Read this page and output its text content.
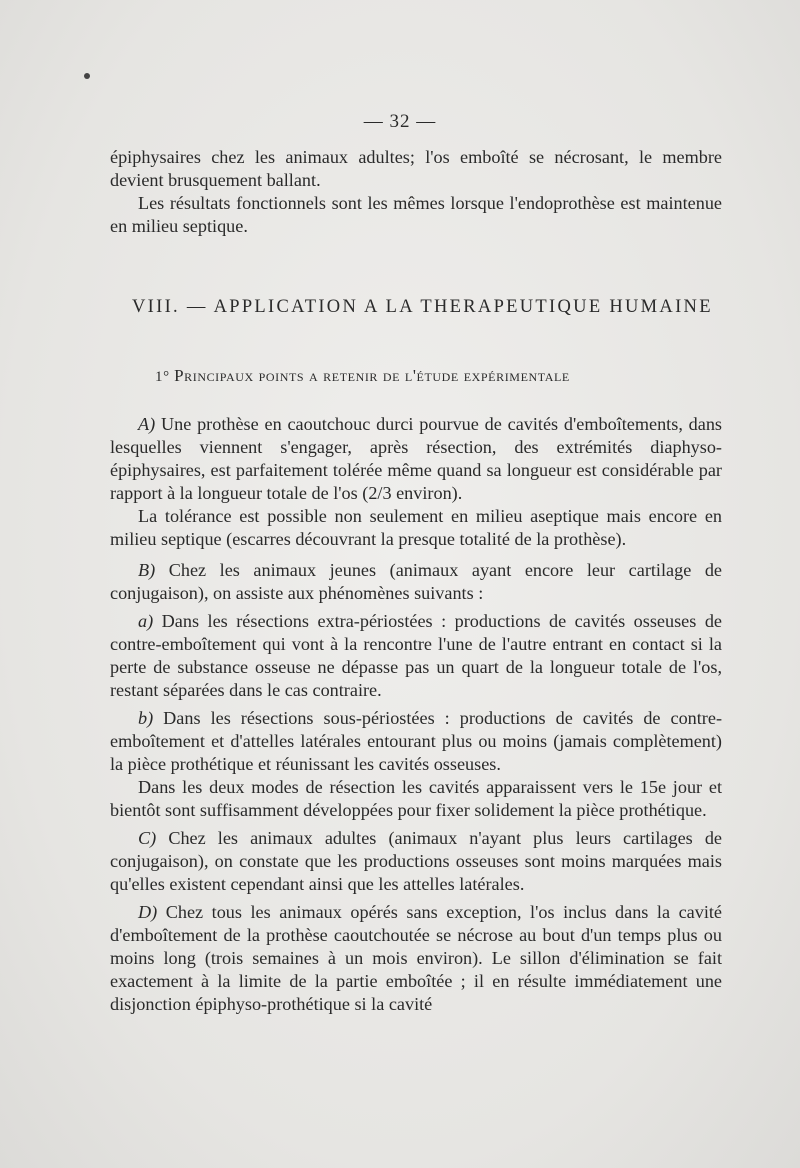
— 32 —

épiphysaires chez les animaux adultes; l'os emboîté se nécrosant, le membre devient brusquement ballant.

Les résultats fonctionnels sont les mêmes lorsque l'endoprothèse est maintenue en milieu septique.

VIII. — APPLICATION A LA THERAPEUTIQUE HUMAINE
1° Principaux points a retenir de l'étude expérimentale

A) Une prothèse en caoutchouc durci pourvue de cavités d'emboîtements, dans lesquelles viennent s'engager, après résection, des extrémités diaphyso-épiphysaires, est parfaitement tolérée même quand sa longueur est considérable par rapport à la longueur totale de l'os (2/3 environ).

La tolérance est possible non seulement en milieu aseptique mais encore en milieu septique (escarres découvrant la presque totalité de la prothèse).

B) Chez les animaux jeunes (animaux ayant encore leur cartilage de conjugaison), on assiste aux phénomènes suivants :

a) Dans les résections extra-périostées : productions de cavités osseuses de contre-emboîtement qui vont à la rencontre l'une de l'autre entrant en contact si la perte de substance osseuse ne dépasse pas un quart de la longueur totale de l'os, restant séparées dans le cas contraire.

b) Dans les résections sous-périostées : productions de cavités de contre-emboîtement et d'attelles latérales entourant plus ou moins (jamais complètement) la pièce prothétique et réunissant les cavités osseuses.

Dans les deux modes de résection les cavités apparaissent vers le 15e jour et bientôt sont suffisamment développées pour fixer solidement la pièce prothétique.

C) Chez les animaux adultes (animaux n'ayant plus leurs cartilages de conjugaison), on constate que les productions osseuses sont moins marquées mais qu'elles existent cependant ainsi que les attelles latérales.

D) Chez tous les animaux opérés sans exception, l'os inclus dans la cavité d'emboîtement de la prothèse caoutchoutée se nécrose au bout d'un temps plus ou moins long (trois semaines à un mois environ). Le sillon d'élimination se fait exactement à la limite de la partie emboîtée ; il en résulte immédiatement une disjonction épiphyso-prothétique si la cavité
